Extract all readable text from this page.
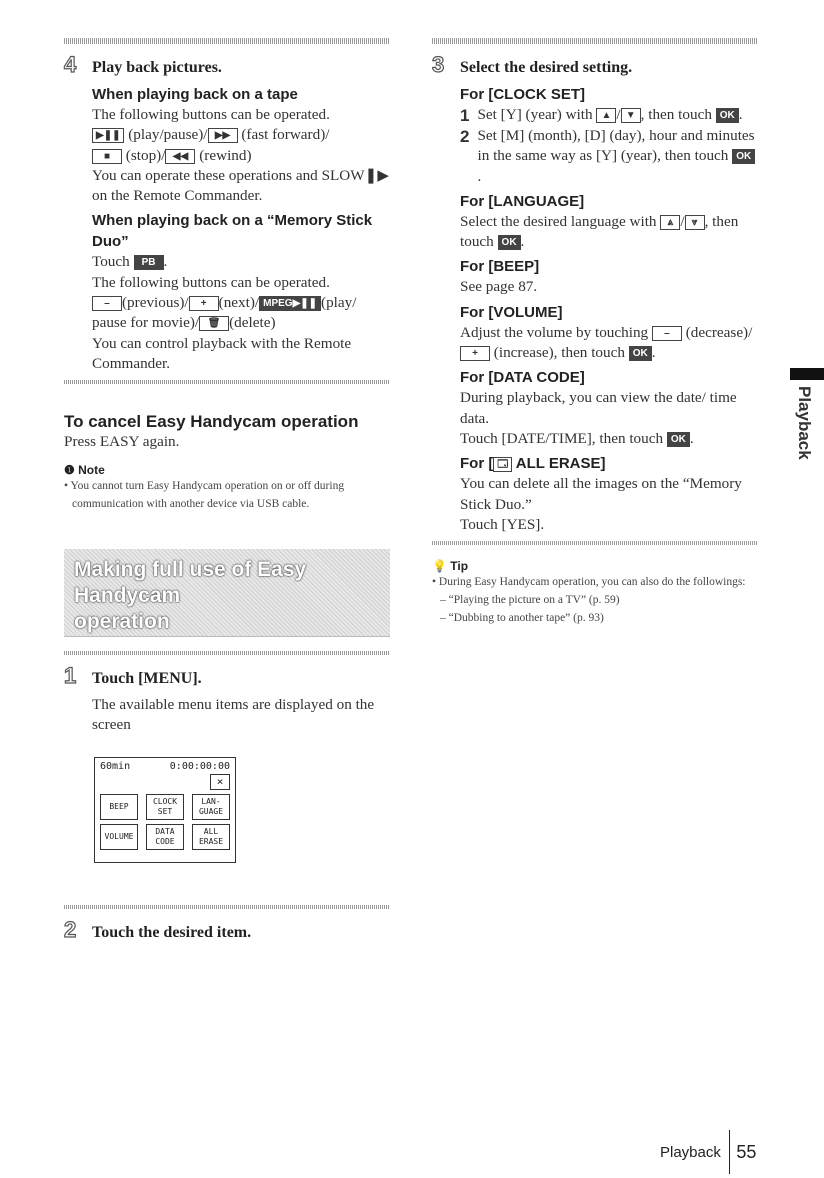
4 Play back pictures.
When playing back on a tape
The following buttons can be operated.
▶❚❚ (play/pause)/ ▶▶ (fast forward)/
■ (stop)/ ◀◀ (rewind)
You can operate these operations and SLOW❚▶ on the Remote Commander.
When playing back on a “Memory Stick Duo”
Touch PB .
The following buttons can be operated.
– (previous)/ + (next)/ MPEG▶❚❚ (play/ pause for movie)/ 🗑 (delete)
You can control playback with the Remote Commander.
To cancel Easy Handycam operation
Press EASY again.
❶ Note
• You cannot turn Easy Handycam operation on or off during communication with another device via USB cable.
Making full use of Easy Handycam
operation
1 Touch [MENU].
The available menu items are displayed on the screen
60min	0:00:00:00
×
BEEP
CLOCK SET
LAN-GUAGE
VOLUME
DATA CODE
ALL ERASE
2 Touch the desired item.
3 Select the desired setting.
For [CLOCK SET]
1 Set [Y] (year) with ▲ / ▼ , then touch OK .
2 Set [M] (month), [D] (day), hour and minutes in the same way as [Y] (year), then touch OK.
For [LANGUAGE]
Select the desired language with ⩓ / ⩔ , then touch OK .
For [BEEP]
See page 87.
For [VOLUME]
Adjust the volume by touching – (decrease)/+ (increase), then touch OK .
For [DATA CODE]
During playback, you can view the date/ time data.
Touch [DATE/TIME], then touch OK .
For [ 🗔 ALL ERASE]
You can delete all the images on the “Memory Stick Duo.”
Touch [YES].
💡 Tip
• During Easy Handycam operation, you can also do the followings:
– “Playing the picture on a TV” (p. 59)
– “Dubbing to another tape” (p. 93)
Playback
Playback 55
